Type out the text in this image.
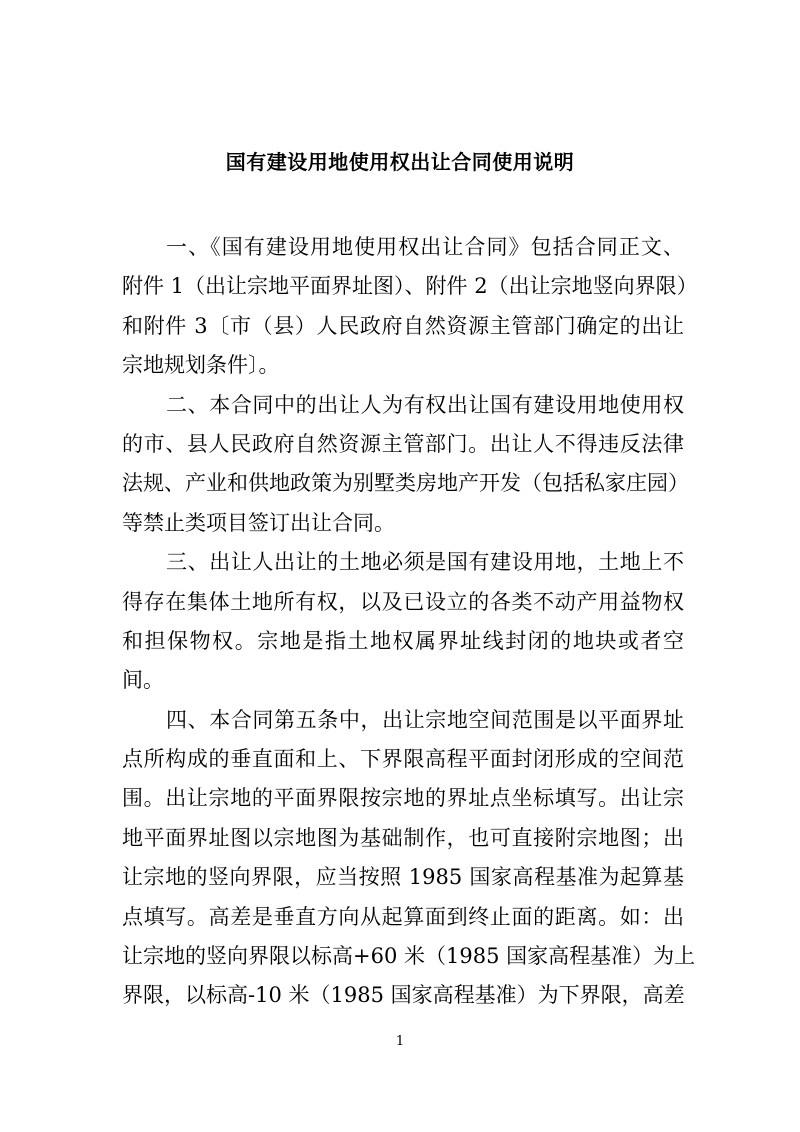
国有建设用地使用权出让合同使用说明
一、《国有建设用地使用权出让合同》包括合同正文、
附件 1（出让宗地平面界址图）、附件 2（出让宗地竖向界限）
和附件 3〔市（县）人民政府自然资源主管部门确定的出让
宗地规划条件〕。
二、本合同中的出让人为有权出让国有建设用地使用权
的市、县人民政府自然资源主管部门。出让人不得违反法律
法规、产业和供地政策为别墅类房地产开发（包括私家庄园）
等禁止类项目签订出让合同。
三、出让人出让的土地必须是国有建设用地，土地上不
得存在集体土地所有权，以及已设立的各类不动产用益物权
和担保物权。宗地是指土地权属界址线封闭的地块或者空
间。
四、本合同第五条中，出让宗地空间范围是以平面界址
点所构成的垂直面和上、下界限高程平面封闭形成的空间范
围。出让宗地的平面界限按宗地的界址点坐标填写。出让宗
地平面界址图以宗地图为基础制作，也可直接附宗地图；出
让宗地的竖向界限，应当按照 1985 国家高程基准为起算基
点填写。高差是垂直方向从起算面到终止面的距离。如：出
让宗地的竖向界限以标高+60 米（1985 国家高程基准）为上
界限，以标高-10 米（1985 国家高程基准）为下界限，高差
1
